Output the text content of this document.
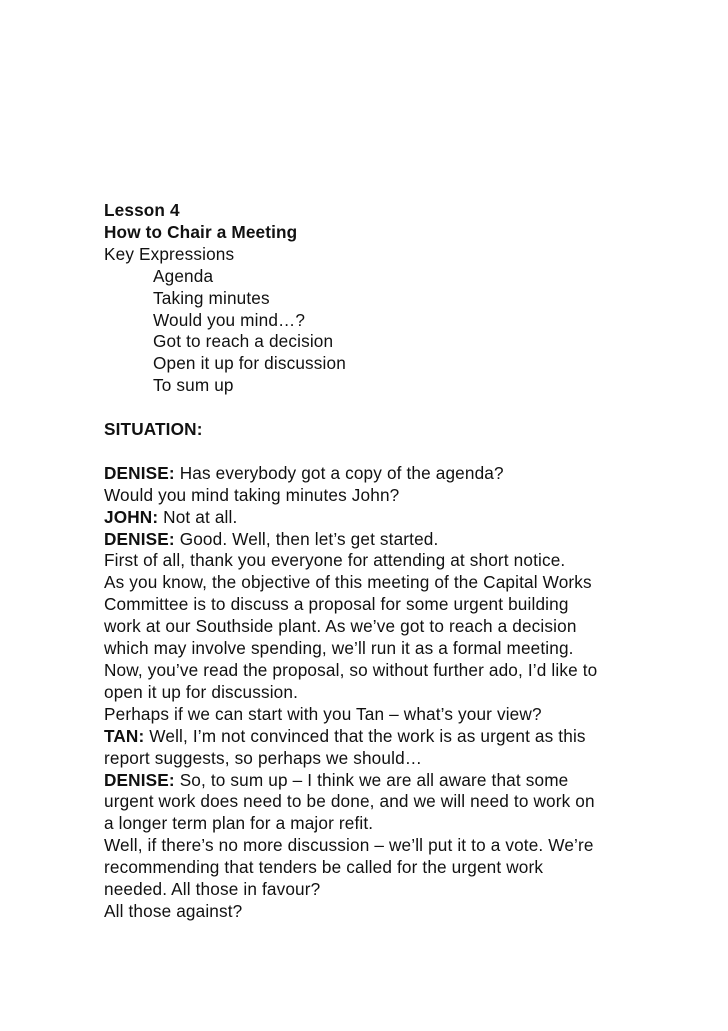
Lesson 4
How to Chair a Meeting
Key Expressions
Agenda
Taking minutes
Would you mind…?
Got to reach a decision
Open it up for discussion
To sum up
SITUATION:
DENISE: Has everybody got a copy of the agenda?
Would you mind taking minutes John?
JOHN: Not at all.
DENISE: Good. Well, then let’s get started.
First of all, thank you everyone for attending at short notice.
As you know, the objective of this meeting of the Capital Works
Committee is to discuss a proposal for some urgent building
work at our Southside plant. As we’ve got to reach a decision
which may involve spending, we’ll run it as a formal meeting.
Now, you’ve read the proposal, so without further ado, I’d like to
open it up for discussion.
Perhaps if we can start with you Tan – what’s your view?
TAN: Well, I’m not convinced that the work is as urgent as this
report suggests, so perhaps we should…
DENISE: So, to sum up – I think we are all aware that some
urgent work does need to be done, and we will need to work on
a longer term plan for a major refit.
Well, if there’s no more discussion – we’ll put it to a vote. We’re
recommending that tenders be called for the urgent work
needed. All those in favour?
All those against?
